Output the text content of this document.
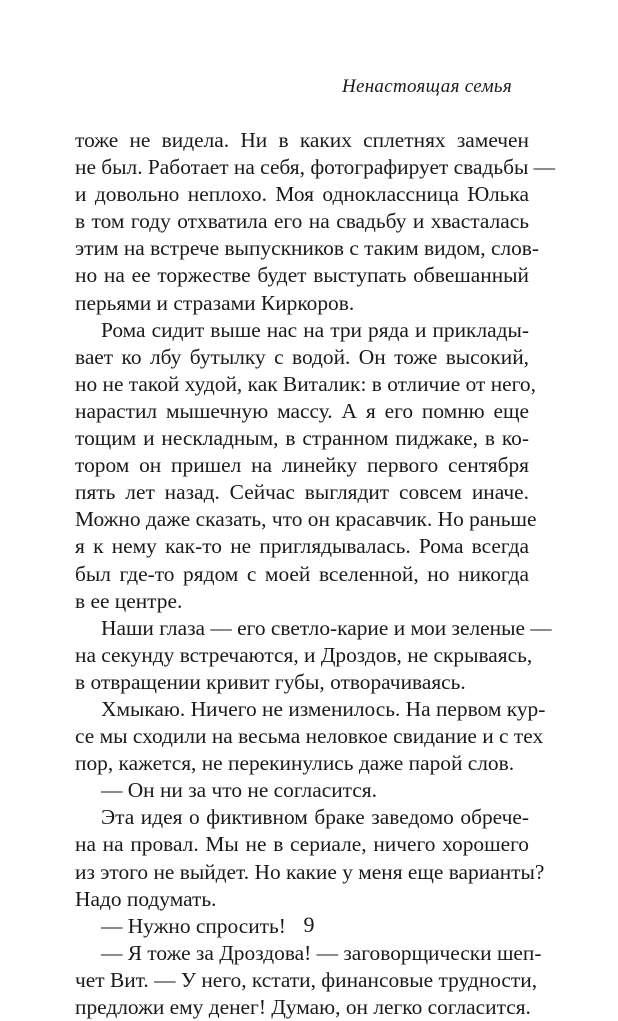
Ненастоящая семья
тоже не видела. Ни в каких сплетнях замечен
не был. Работает на себя, фотографирует свадьбы —
и довольно неплохо. Моя одноклассница Юлька
в том году отхватила его на свадьбу и хвасталась
этим на встрече выпускников с таким видом, слов-
но на ее торжестве будет выступать обвешанный
перьями и стразами Киркоров.
Рома сидит выше нас на три ряда и приклады-
вает ко лбу бутылку с водой. Он тоже высокий,
но не такой худой, как Виталик: в отличие от него,
нарастил мышечную массу. А я его помню еще
тощим и нескладным, в странном пиджаке, в ко-
тором он пришел на линейку первого сентября
пять лет назад. Сейчас выглядит совсем иначе.
Можно даже сказать, что он красавчик. Но раньше
я к нему как-то не приглядывалась. Рома всегда
был где-то рядом с моей вселенной, но никогда
в ее центре.
Наши глаза — его светло-карие и мои зеленые —
на секунду встречаются, и Дроздов, не скрываясь,
в отвращении кривит губы, отворачиваясь.
Хмыкаю. Ничего не изменилось. На первом кур-
се мы сходили на весьма неловкое свидание и с тех
пор, кажется, не перекинулись даже парой слов.
— Он ни за что не согласится.
Эта идея о фиктивном браке заведомо обрече-
на на провал. Мы не в сериале, ничего хорошего
из этого не выйдет. Но какие у меня еще варианты?
Надо подумать.
— Нужно спросить!
— Я тоже за Дроздова! — заговорщически шеп-
чет Вит. — У него, кстати, финансовые трудности,
предложи ему денег! Думаю, он легко согласится.
9
